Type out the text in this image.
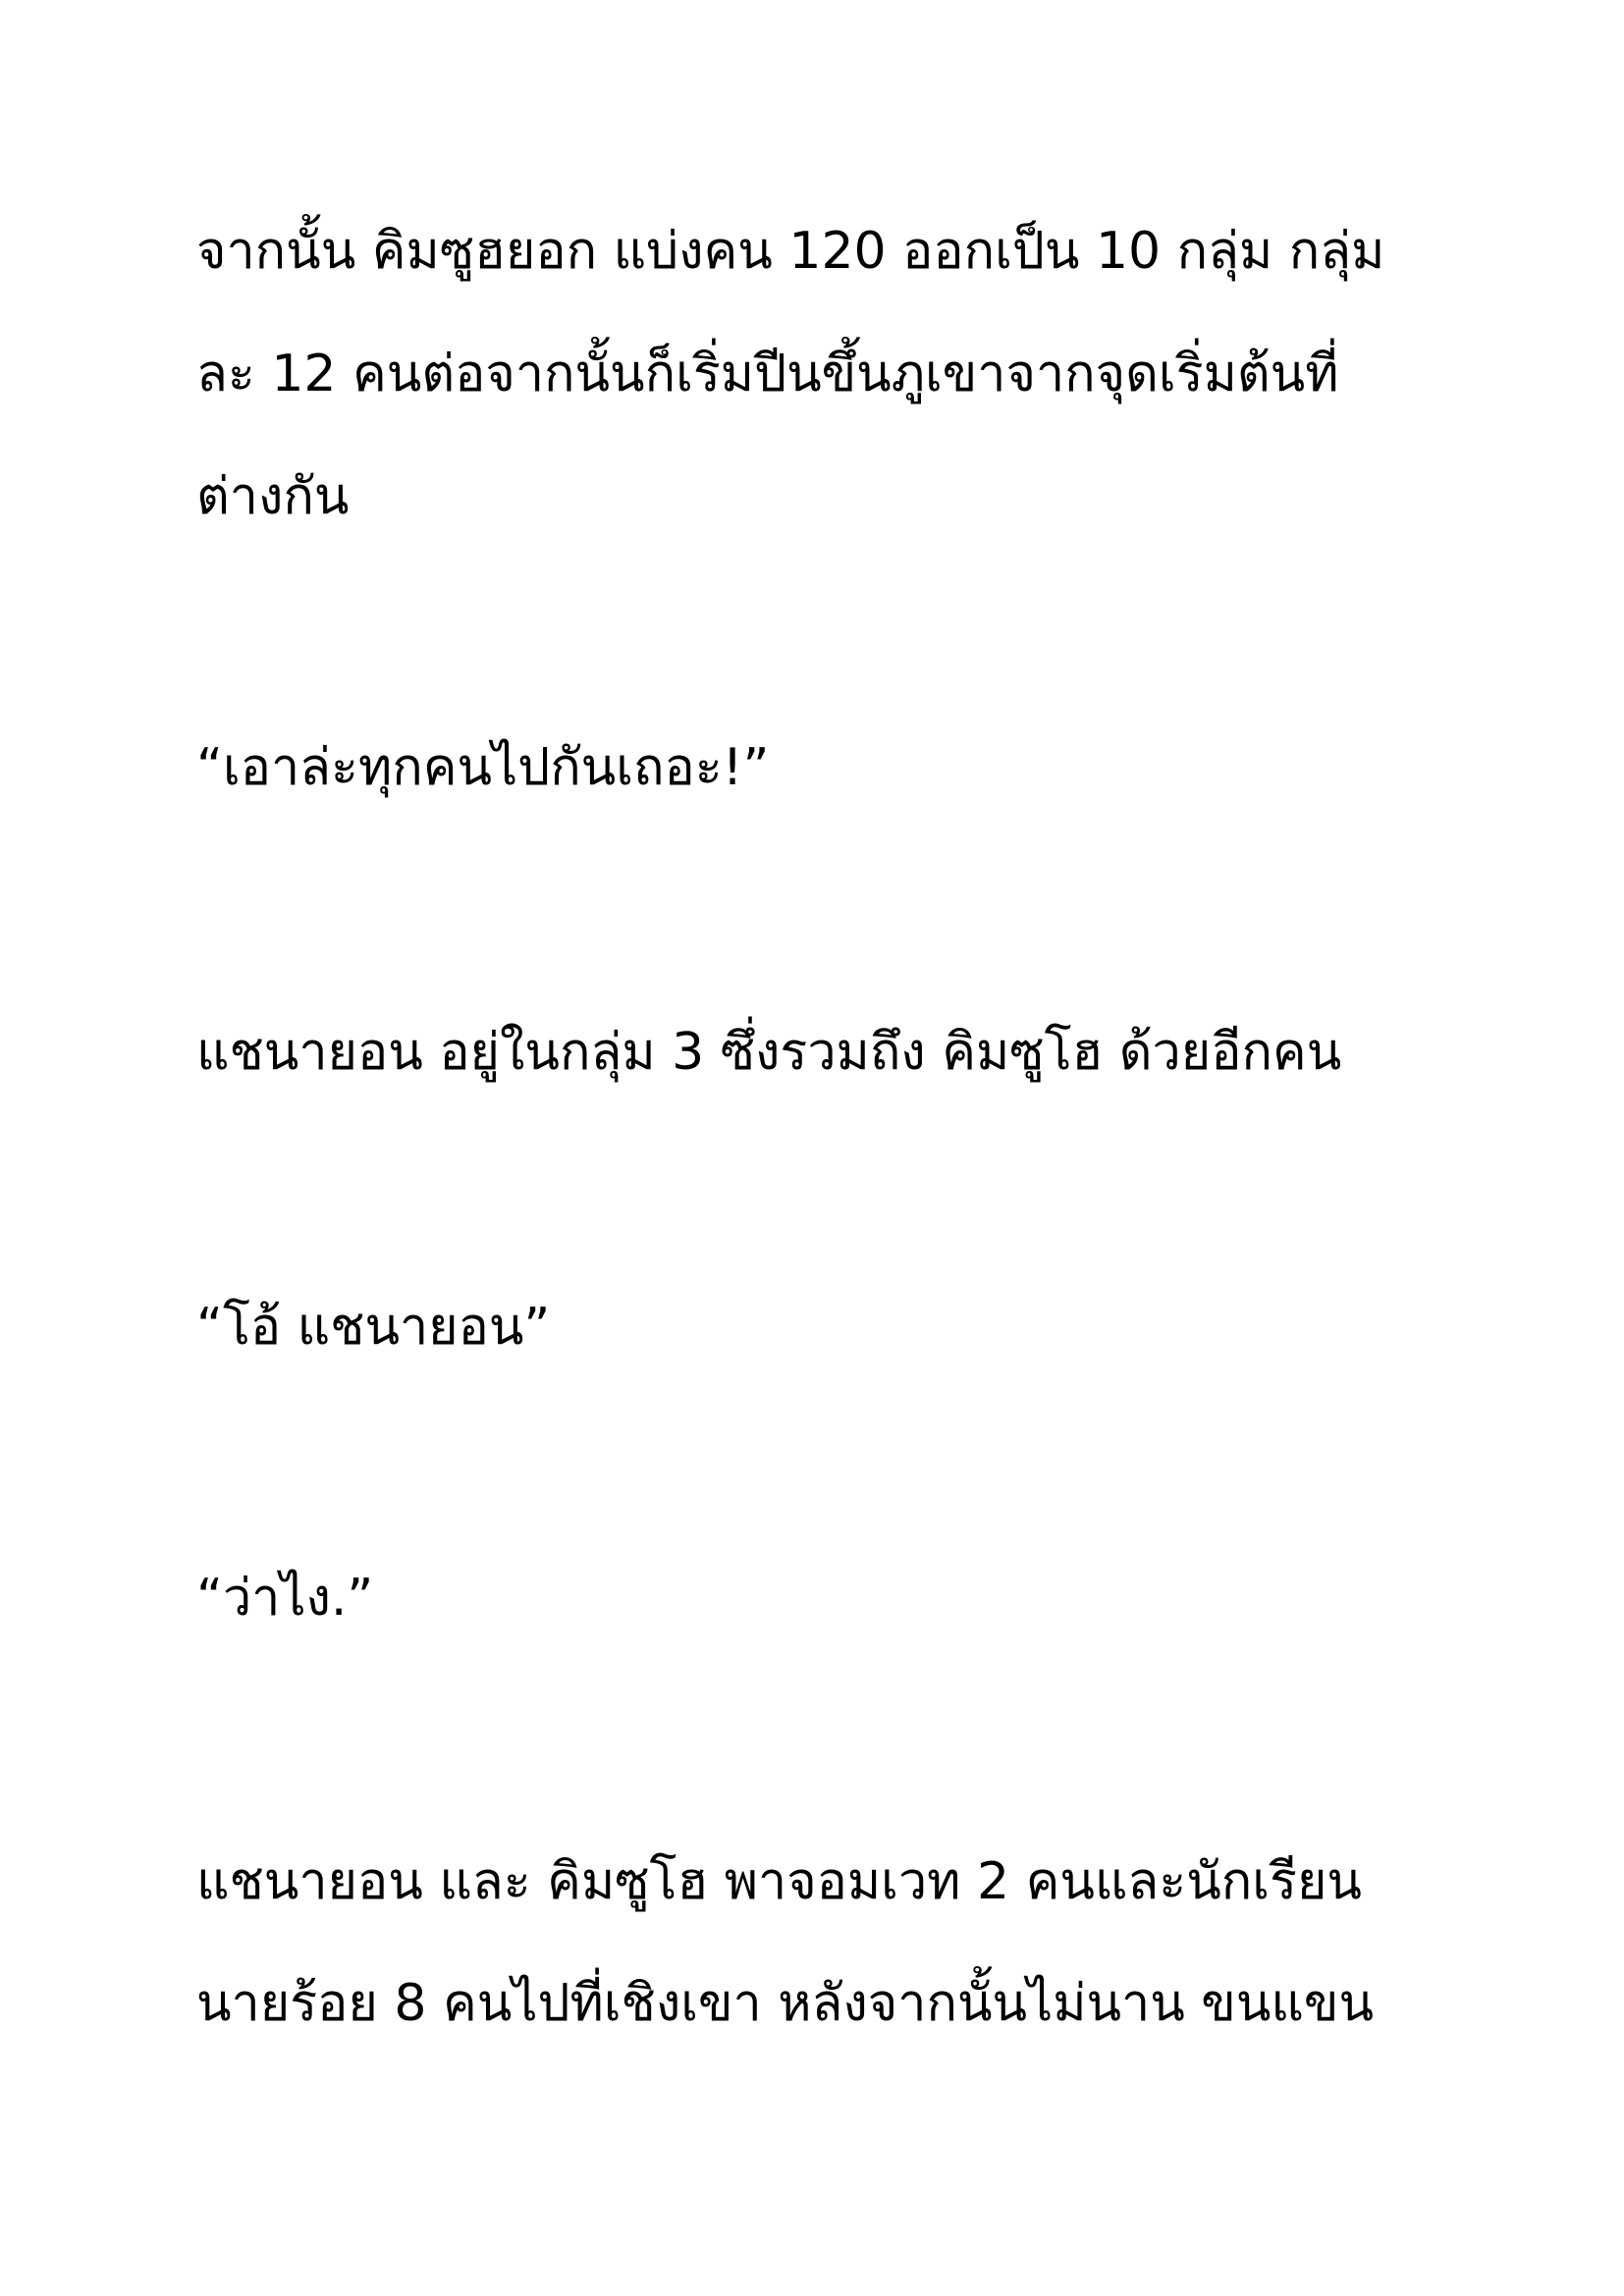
จากนั้น คิมซูฮยอก แบ่งคน 120 ออกเป็น 10 กลุ่ม กลุ่ม
ละ 12 คนต่อจากนั้นก็เริ่มปีนขึ้นภูเขาจากจุดเริ่มต้นที่
ต่างกัน
“เอาล่ะทุกคนไปกันเถอะ!”
แชนายอน อยู่ในกลุ่ม 3 ซึ่งรวมถึง คิมซูโฮ ด้วยอีกคน
“โอ้ แชนายอน”
“ว่าไง.”
แชนายอน และ คิมซูโฮ พาจอมเวท 2 คนและนักเรียน
นายร้อย 8 คนไปที่เชิงเขา หลังจากนั้นไม่นาน ขนแขน
